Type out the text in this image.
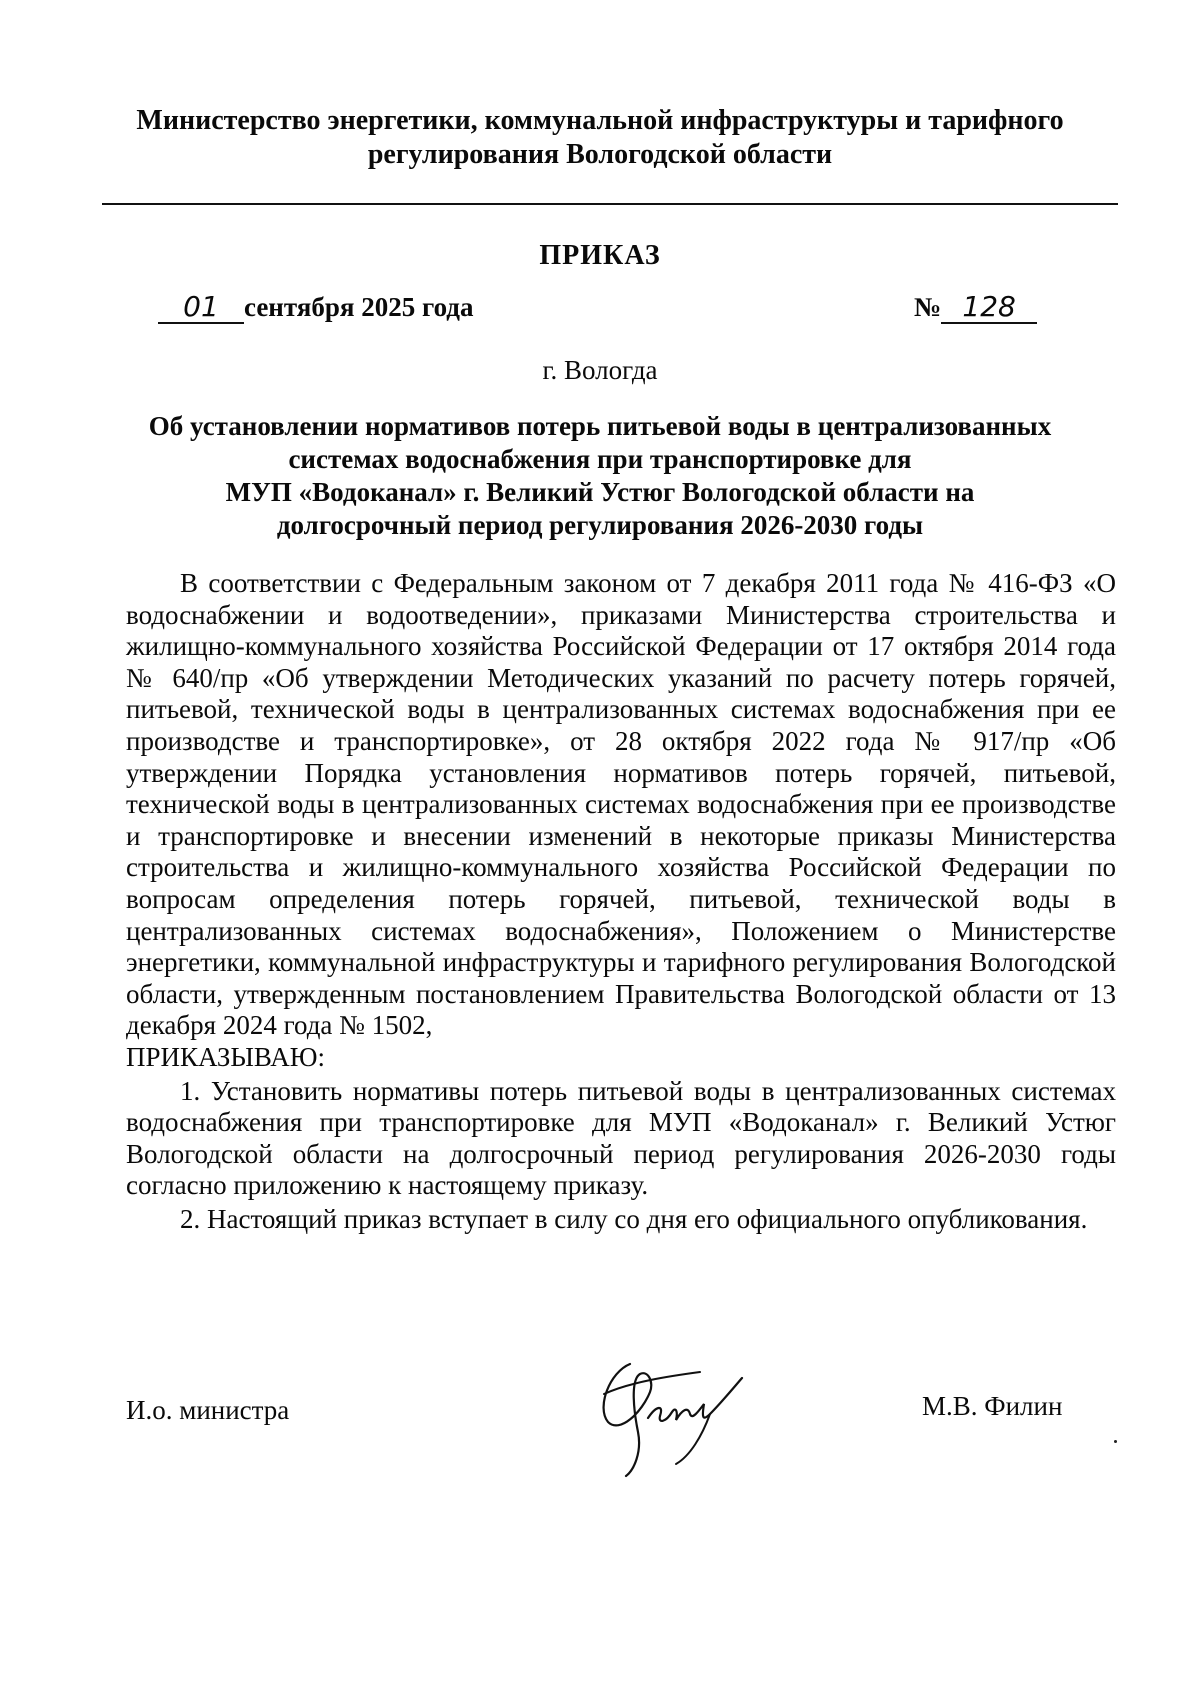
Министерство энергетики, коммунальной инфраструктуры и тарифного
регулирования Вологодской области
ПРИКАЗ
01 сентября 2025 года	№ 128
г. Вологда
Об установлении нормативов потерь питьевой воды в централизованных
системах водоснабжения при транспортировке для
МУП «Водоканал» г. Великий Устюг Вологодской области на
долгосрочный период регулирования 2026-2030 годы

В соответствии с Федеральным законом от 7 декабря 2011 года № 416-ФЗ «О водоснабжении и водоотведении», приказами Министерства строительства и жилищно-коммунального хозяйства Российской Федерации от 17 октября 2014 года № 640/пр «Об утверждении Методических указаний по расчету потерь горячей, питьевой, технической воды в централизованных системах водоснабжения при ее производстве и транспортировке», от 28 октября 2022 года № 917/пр «Об утверждении Порядка установления нормативов потерь горячей, питьевой, технической воды в централизованных системах водоснабжения при ее производстве и транспортировке и внесении изменений в некоторые приказы Министерства строительства и жилищно-коммунального хозяйства Российской Федерации по вопросам определения потерь горячей, питьевой, технической воды в централизованных системах водоснабжения», Положением о Министерстве энергетики, коммунальной инфраструктуры и тарифного регулирования Вологодской области, утвержденным постановлением Правительства Вологодской области от 13 декабря 2024 года № 1502,

ПРИКАЗЫВАЮ:

1. Установить нормативы потерь питьевой воды в централизованных системах водоснабжения при транспортировке для МУП «Водоканал» г. Великий Устюг Вологодской области на долгосрочный период регулирования 2026-2030 годы согласно приложению к настоящему приказу.

2. Настоящий приказ вступает в силу со дня его официального опубликования.

И.о. министра	М.В. Филин
